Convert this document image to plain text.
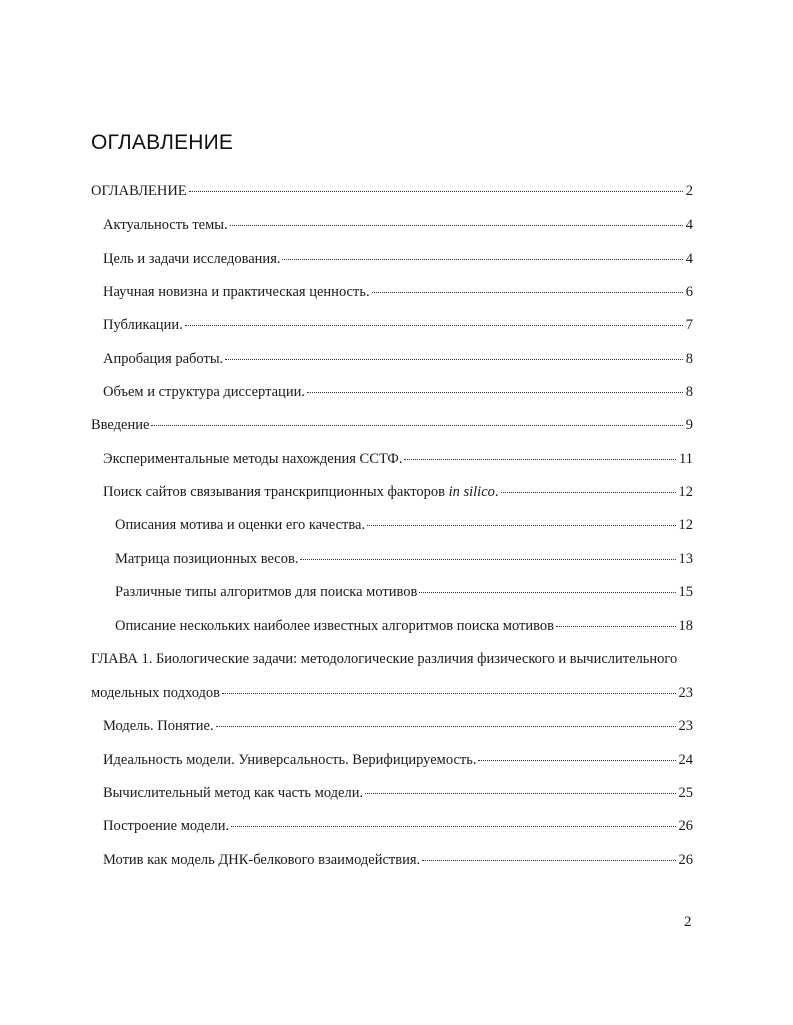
ОГЛАВЛЕНИЕ
ОГЛАВЛЕНИЕ	2
Актуальность темы.	4
Цель и задачи исследования.	4
Научная новизна и практическая ценность.	6
Публикации.	7
Апробация работы.	8
Объем и структура диссертации.	8
Введение	9
Экспериментальные методы нахождения ССТФ.	11
Поиск сайтов связывания транскрипционных факторов in silico.	12
Описания мотива и оценки его качества.	12
Матрица позиционных весов.	13
Различные типы алгоритмов для поиска мотивов	15
Описание нескольких наиболее известных алгоритмов поиска мотивов	18
ГЛАВА 1. Биологические задачи: методологические различия физического и вычислительного
модельных подходов	23
Модель. Понятие.	23
Идеальность модели. Универсальность. Верифицируемость.	24
Вычислительный метод как часть модели.	25
Построение модели.	26
Мотив как модель ДНК-белкового взаимодействия.	26
2
